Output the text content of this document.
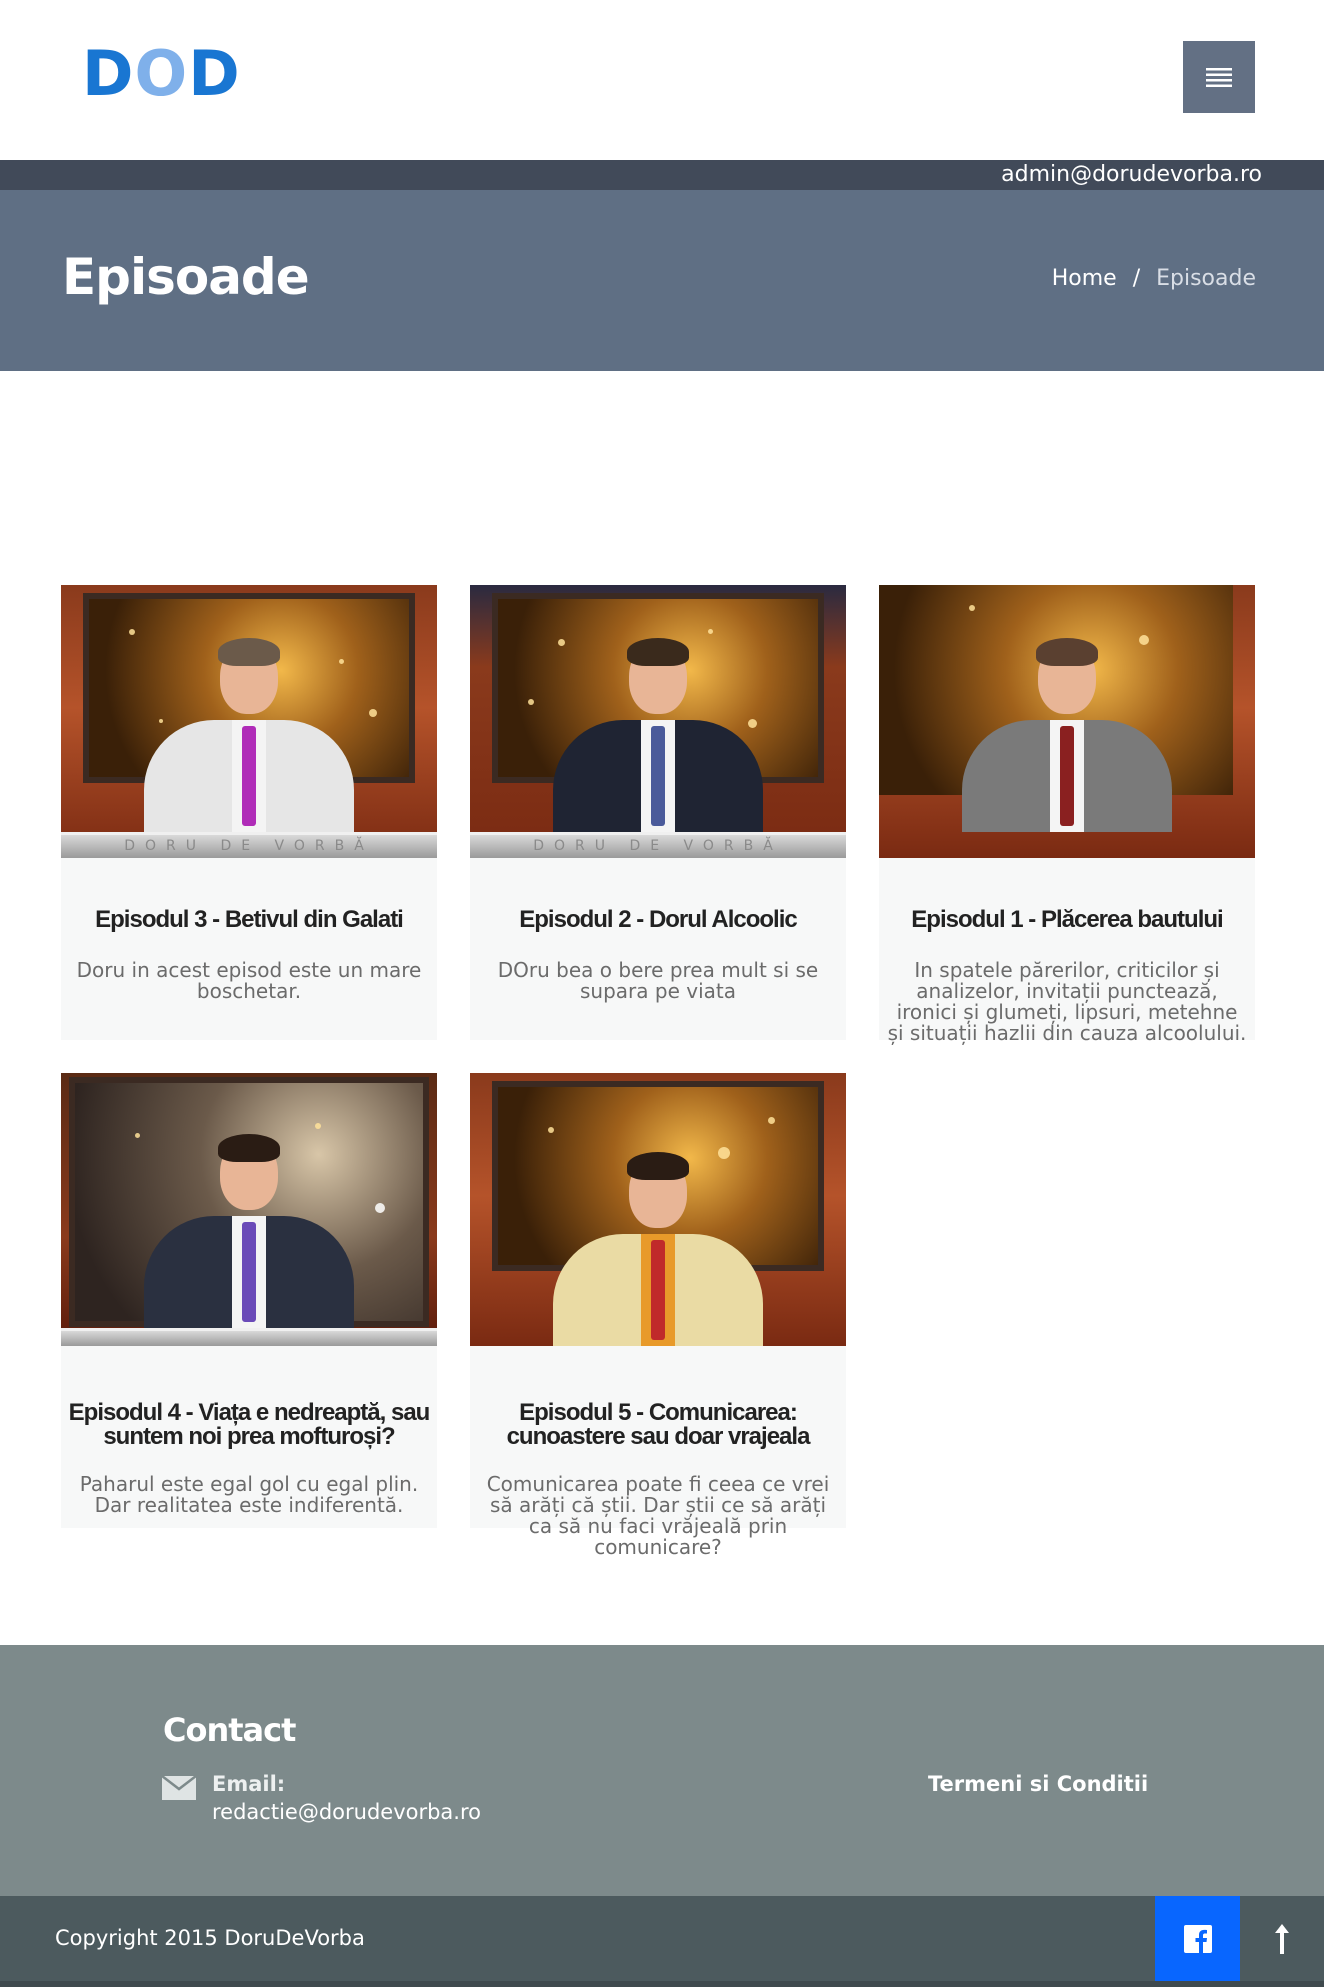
D O D
admin@dorudevorba.ro
Episoade	Home / Episoade
DORU DE VORBĂ
Episodul 3 - Betivul din Galati
Doru in acest episod este un mare boschetar.
DORU DE VORBĂ
Episodul 2 - Dorul Alcoolic
DOru bea o bere prea mult si se supara pe viata
Episodul 1 - Plăcerea bautului
In spatele părerilor, criticilor și analizelor, invitații punctează, ironici și glumeți, lipsuri, metehne și situații hazlii din cauza alcoolului.
Episodul 4 - Viața e nedreaptă, sau suntem noi prea mofturoși?
Paharul este egal gol cu egal plin. Dar realitatea este indiferentă.
Episodul 5 - Comunicarea: cunoastere sau doar vrajeala
Comunicarea poate fi ceea ce vrei să arăți că știi. Dar știi ce să arăți ca să nu faci vrăjeală prin comunicare?
Contact
Email:
redactie@dorudevorba.ro
Termeni si Conditii
Copyright 2015 DoruDeVorba
